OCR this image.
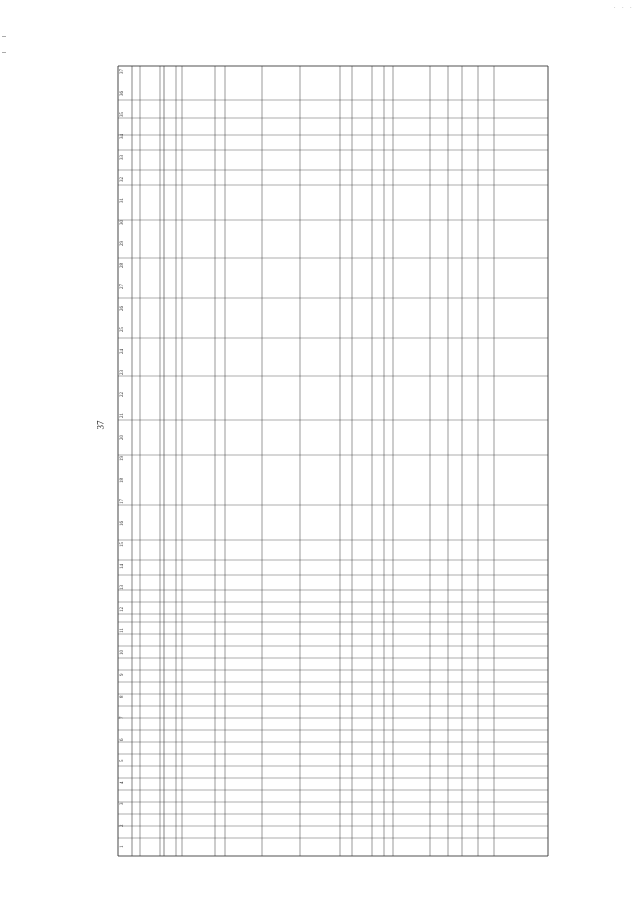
· · ·
37
1
2
3
4
5
6
7
8
9
10
11
12
13
14
15
16
17
18
19
20
21
22
23
24
25
26
27
28
29
30
31
32
33
34
35
36
37
